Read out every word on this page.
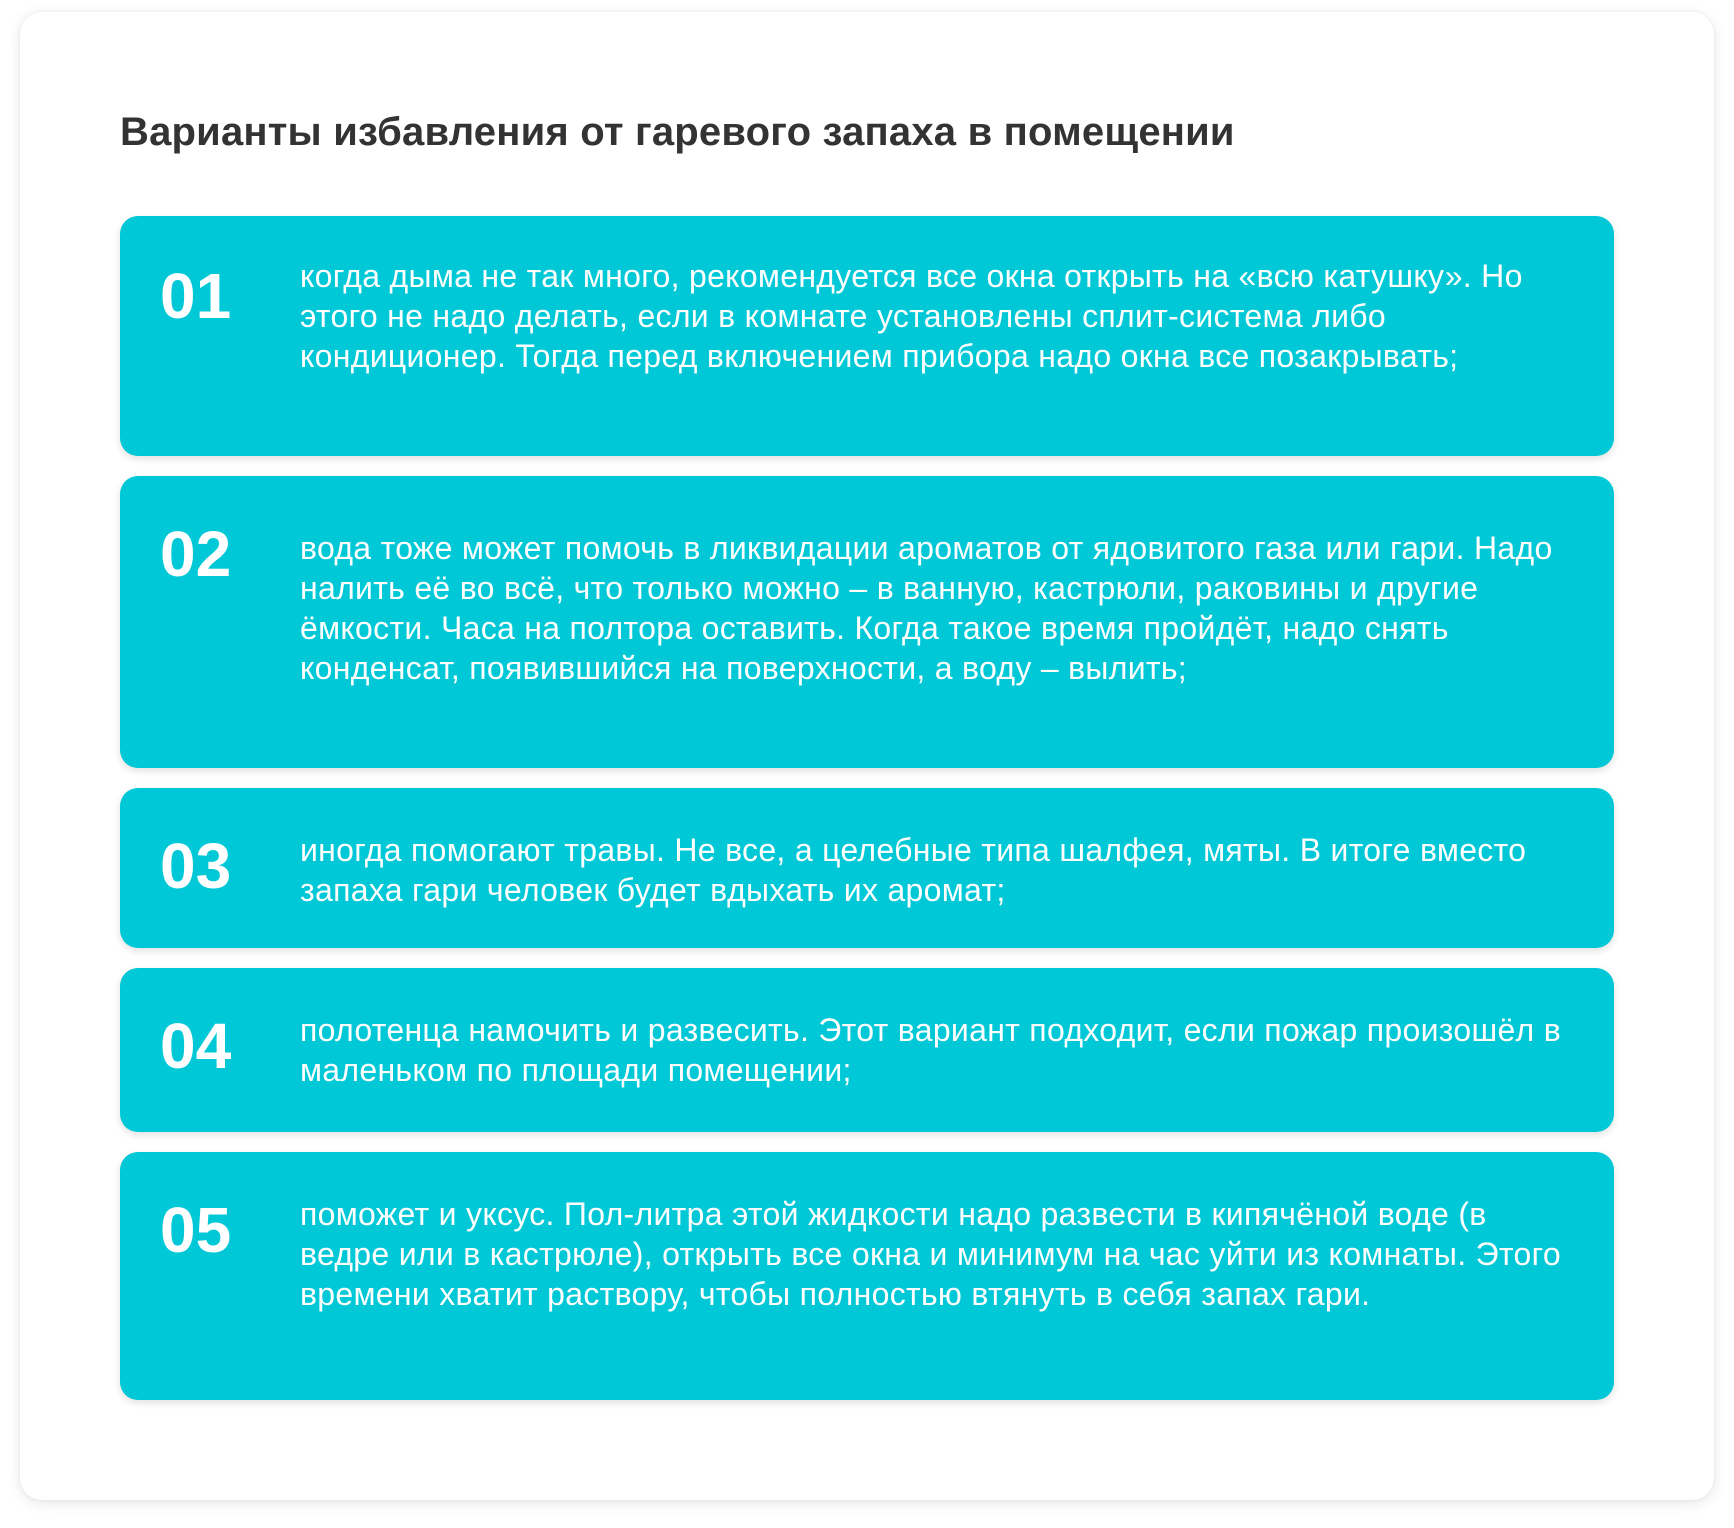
Варианты избавления от гаревого запаха в помещении
01 когда дыма не так много, рекомендуется все окна открыть на «всю катушку». Но этого не надо делать, если в комнате установлены сплит-система либо кондиционер. Тогда перед включением прибора надо окна все позакрывать;

02 вода тоже может помочь в ликвидации ароматов от ядовитого газа или гари. Надо налить её во всё, что только можно – в ванную, кастрюли, раковины и другие ёмкости. Часа на полтора оставить. Когда такое время пройдёт, надо снять конденсат, появившийся на поверхности, а воду – вылить;

03 иногда помогают травы. Не все, а целебные типа шалфея, мяты. В итоге вместо запаха гари человек будет вдыхать их аромат;

04 полотенца намочить и развесить. Этот вариант подходит, если пожар произошёл в маленьком по площади помещении;

05 поможет и уксус. Пол-литра этой жидкости надо развести в кипячёной воде (в ведре или в кастрюле), открыть все окна и минимум на час уйти из комнаты. Этого времени хватит раствору, чтобы полностью втянуть в себя запах гари.
